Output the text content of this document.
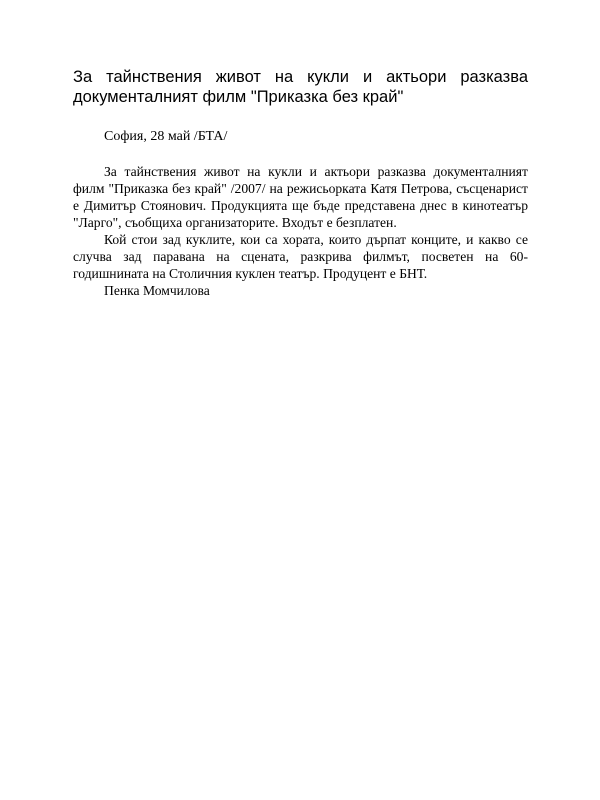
За тайнствения живот на кукли и актьори разказва документалният филм "Приказка без край"

София, 28 май /БТА/

За тайнствения живот на кукли и актьори разказва документалният филм "Приказка без край" /2007/ на режисьорката Катя Петрова, съсценарист е Димитър Стоянович. Продукцията ще бъде представена днес в кинотеатър "Ларго", съобщиха организаторите. Входът е безплатен.

Кой стои зад куклите, кои са хората, които дърпат конците, и какво се случва зад паравана на сцената, разкрива филмът, посветен на 60-годишнината на Столичния куклен театър. Продуцент е БНТ.

Пенка Момчилова
